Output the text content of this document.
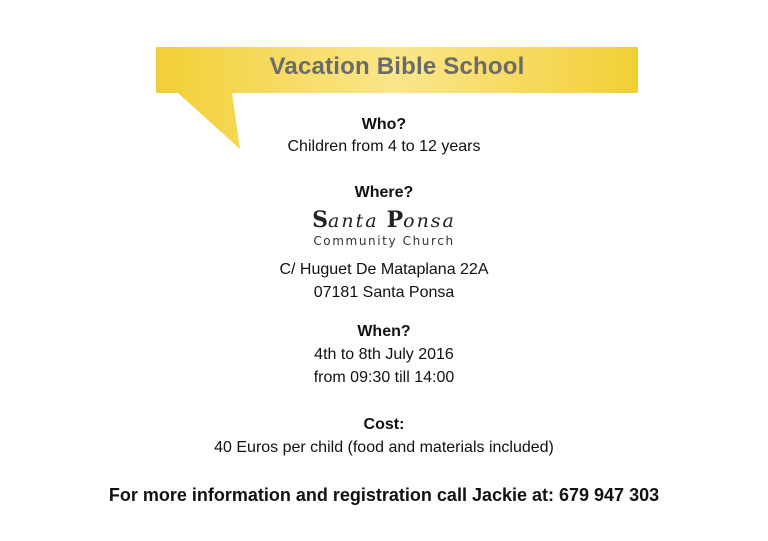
Vacation Bible School
Who?
Children from 4 to 12 years
Where?
Santa Ponsa
Community Church
C/ Huguet De Mataplana 22A
07181 Santa Ponsa
When?
4th to 8th July 2016
from 09:30 till 14:00
Cost:
40 Euros per child (food and materials included)
For more information and registration call Jackie at: 679 947 303
